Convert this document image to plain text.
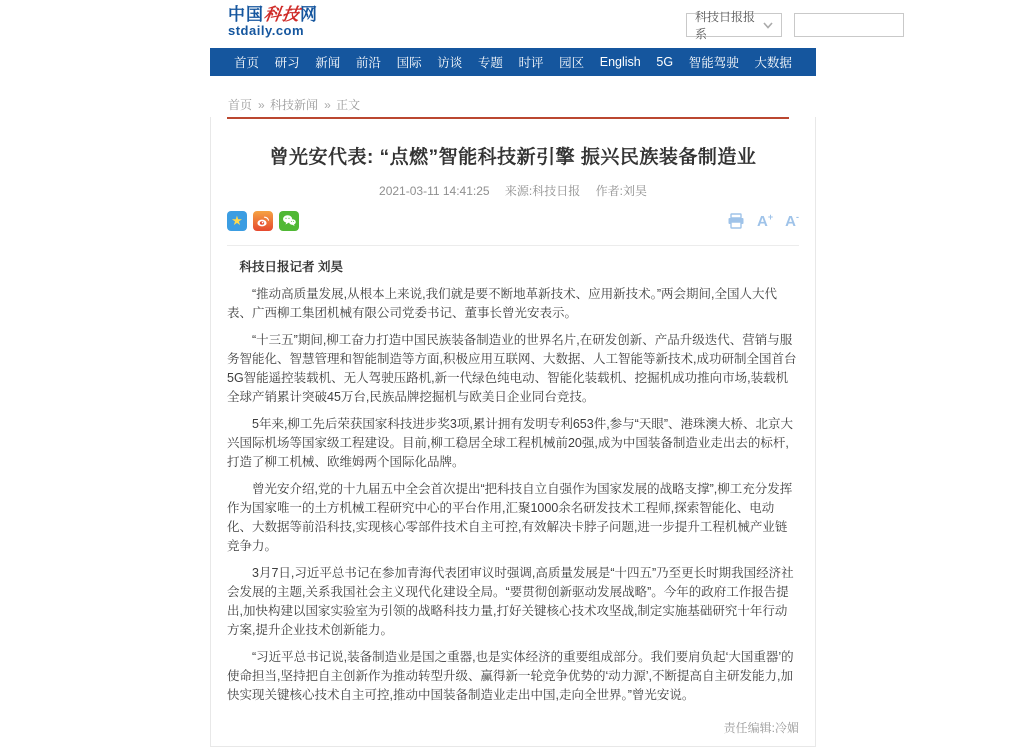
中国科技网
stdaily.com
科技日报报系
首页 研习 新闻 前沿 国际 访谈 专题 时评 园区 English 5G 智能驾驶 大数据
首页 » 科技新闻 » 正文
曾光安代表: “点燃”智能科技新引擎 振兴民族装备制造业
2021-03-11 14:41:25 来源:科技日报 作者:刘昊
★	A+ A-

科技日报记者 刘昊

“推动高质量发展,从根本上来说,我们就是要不断地革新技术、应用新技术。”两会期间,全国人大代表、广西柳工集团机械有限公司党委书记、董事长曾光安表示。

“十三五”期间,柳工奋力打造中国民族装备制造业的世界名片,在研发创新、产品升级迭代、营销与服务智能化、智慧管理和智能制造等方面,积极应用互联网、大数据、人工智能等新技术,成功研制全国首台5G智能遥控装载机、无人驾驶压路机,新一代绿色纯电动、智能化装载机、挖掘机成功推向市场,装载机全球产销累计突破45万台,民族品牌挖掘机与欧美日企业同台竞技。

5年来,柳工先后荣获国家科技进步奖3项,累计拥有发明专利653件,参与“天眼”、港珠澳大桥、北京大兴国际机场等国家级工程建设。目前,柳工稳居全球工程机械前20强,成为中国装备制造业走出去的标杆,打造了柳工机械、欧维姆两个国际化品牌。

曾光安介绍,党的十九届五中全会首次提出“把科技自立自强作为国家发展的战略支撑”,柳工充分发挥作为国家唯一的土方机械工程研究中心的平台作用,汇聚1000余名研发技术工程师,探索智能化、电动化、大数据等前沿科技,实现核心零部件技术自主可控,有效解决卡脖子问题,进一步提升工程机械产业链竞争力。

3月7日,习近平总书记在参加青海代表团审议时强调,高质量发展是“十四五”乃至更长时期我国经济社会发展的主题,关系我国社会主义现代化建设全局。“要贯彻创新驱动发展战略”。今年的政府工作报告提出,加快构建以国家实验室为引领的战略科技力量,打好关键核心技术攻坚战,制定实施基础研究十年行动方案,提升企业技术创新能力。

“习近平总书记说,装备制造业是国之重器,也是实体经济的重要组成部分。我们要肩负起‘大国重器’的使命担当,坚持把自主创新作为推动转型升级、赢得新一轮竞争优势的‘动力源’,不断提高自主研发能力,加快实现关键核心技术自主可控,推动中国装备制造业走出中国,走向全世界。”曾光安说。

责任编辑:冷媚
